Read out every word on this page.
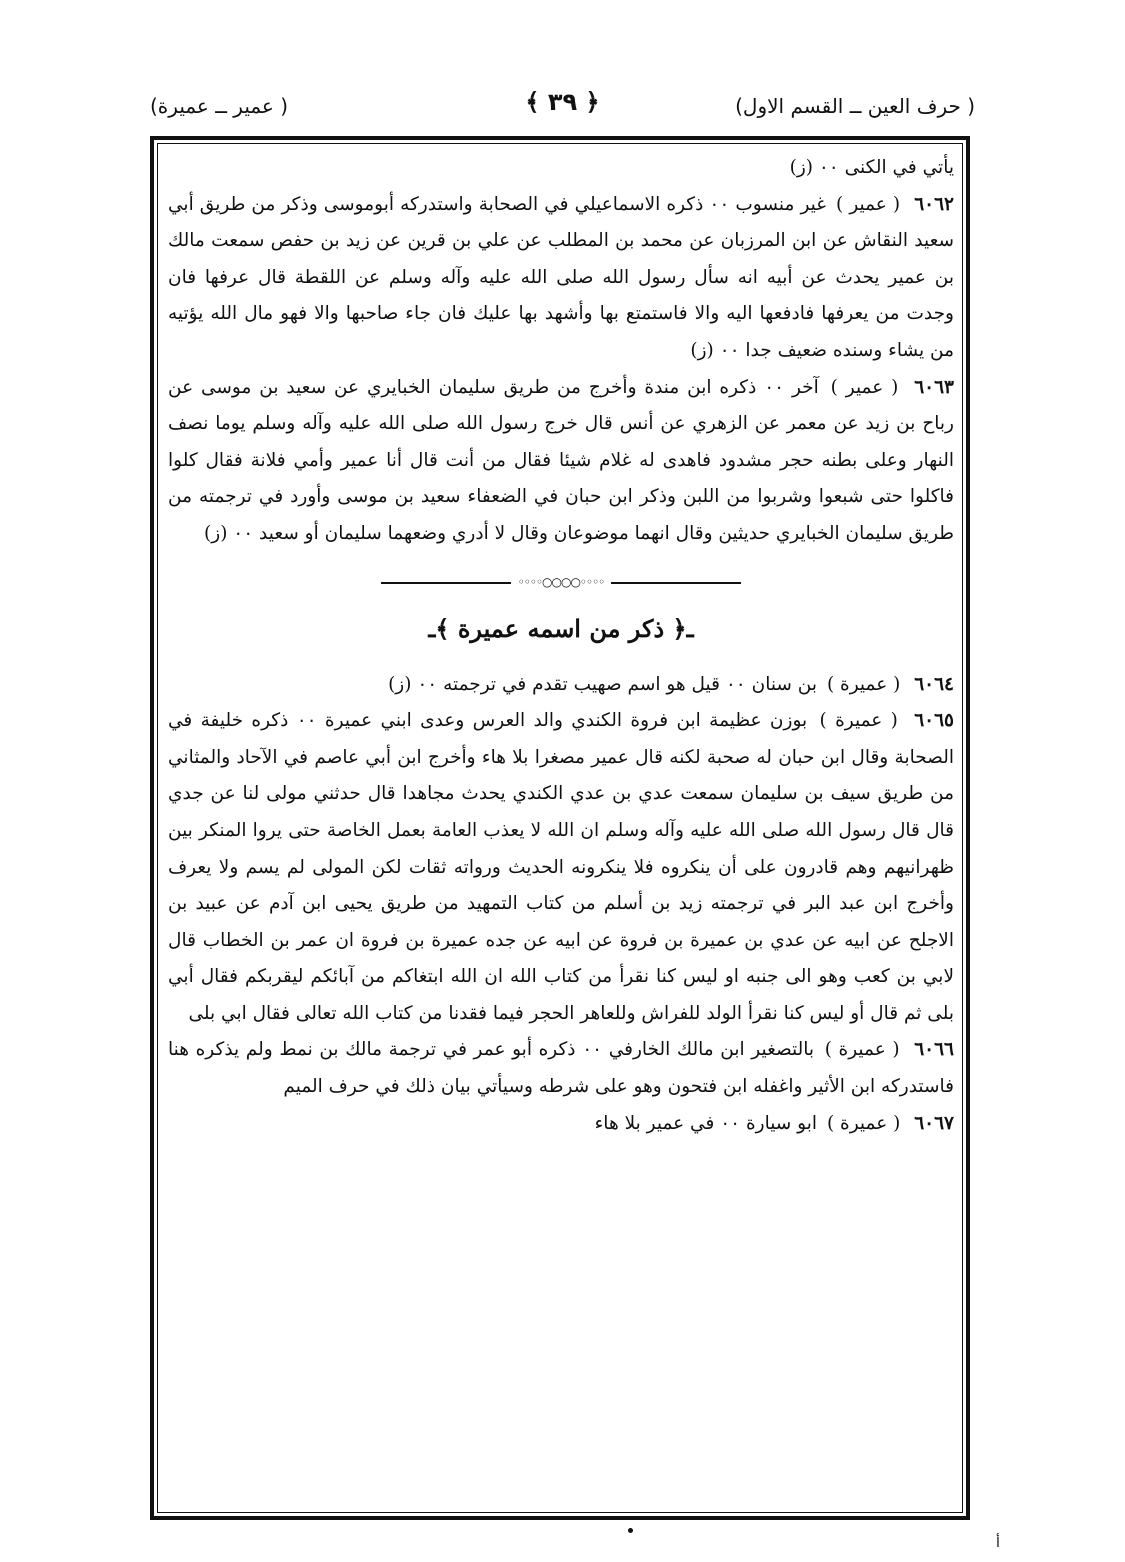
( حرف العين ــ القسم الاول)
﴿ ٣٩ ﴾
( عمير ــ عميرة)

يأتي في الكنى ٠٠ (ز)

٦٠٦٢ ( عمير ) غير منسوب ٠٠ ذكره الاسماعيلي في الصحابة واستدركه أبوموسى وذكر من طريق أبي سعيد النقاش عن ابن المرزبان عن محمد بن المطلب عن علي بن قرين عن زيد بن حفص سمعت مالك بن عمير يحدث عن أبيه انه سأل رسول الله صلى الله عليه وآله وسلم عن اللقطة قال عرفها فان وجدت من يعرفها فادفعها اليه والا فاستمتع بها وأشهد بها عليك فان جاء صاحبها والا فهو مال الله يؤتيه من يشاء وسنده ضعيف جدا ٠٠ (ز)

٦٠٦٣ ( عمير ) آخر ٠٠ ذكره ابن مندة وأخرج من طريق سليمان الخبايري عن سعيد بن موسى عن رباح بن زيد عن معمر عن الزهري عن أنس قال خرج رسول الله صلى الله عليه وآله وسلم يوما نصف النهار وعلى بطنه حجر مشدود فاهدى له غلام شيئا فقال من أنت قال أنا عمير وأمي فلانة فقال كلوا فاكلوا حتى شبعوا وشربوا من اللبن وذكر ابن حبان في الضعفاء سعيد بن موسى وأورد في ترجمته من طريق سليمان الخبايري حديثين وقال انهما موضوعان وقال لا أدري وضعهما سليمان أو سعيد ٠٠ (ز)

◦◦◦◦○○○○◦◦◦◦
ـ﴿ ذكر من اسمه عميرة ﴾ـ

٦٠٦٤ ( عميرة ) بن سنان ٠٠ قيل هو اسم صهيب تقدم في ترجمته ٠٠ (ز)

٦٠٦٥ ( عميرة ) بوزن عظيمة ابن فروة الكندي والد العرس وعدى ابني عميرة ٠٠ ذكره خليفة في الصحابة وقال ابن حبان له صحبة لكنه قال عمير مصغرا بلا هاء وأخرج ابن أبي عاصم في الآحاد والمثاني من طريق سيف بن سليمان سمعت عدي بن عدي الكندي يحدث مجاهدا قال حدثني مولى لنا عن جدي قال قال رسول الله صلى الله عليه وآله وسلم ان الله لا يعذب العامة بعمل الخاصة حتى يروا المنكر بين ظهرانيهم وهم قادرون على أن ينكروه فلا ينكرونه الحديث ورواته ثقات لكن المولى لم يسم ولا يعرف وأخرج ابن عبد البر في ترجمته زيد بن أسلم من كتاب التمهيد من طريق يحيى ابن آدم عن عبيد بن الاجلح عن ابيه عن عدي بن عميرة بن فروة عن ابيه عن جده عميرة بن فروة ان عمر بن الخطاب قال لابي بن كعب وهو الى جنبه او ليس كنا نقرأ من كتاب الله ان الله ابتغاكم من آبائكم ليقربكم فقال أبي بلى ثم قال أو ليس كنا نقرأ الولد للفراش وللعاهر الحجر فيما فقدنا من كتاب الله تعالى فقال ابي بلى

٦٠٦٦ ( عميرة ) بالتصغير ابن مالك الخارفي ٠٠ ذكره أبو عمر في ترجمة مالك بن نمط ولم يذكره هنا فاستدركه ابن الأثير واغفله ابن فتحون وهو على شرطه وسيأتي بيان ذلك في حرف الميم

٦٠٦٧ ( عميرة ) ابو سيارة ٠٠ في عمير بلا هاء

أ
